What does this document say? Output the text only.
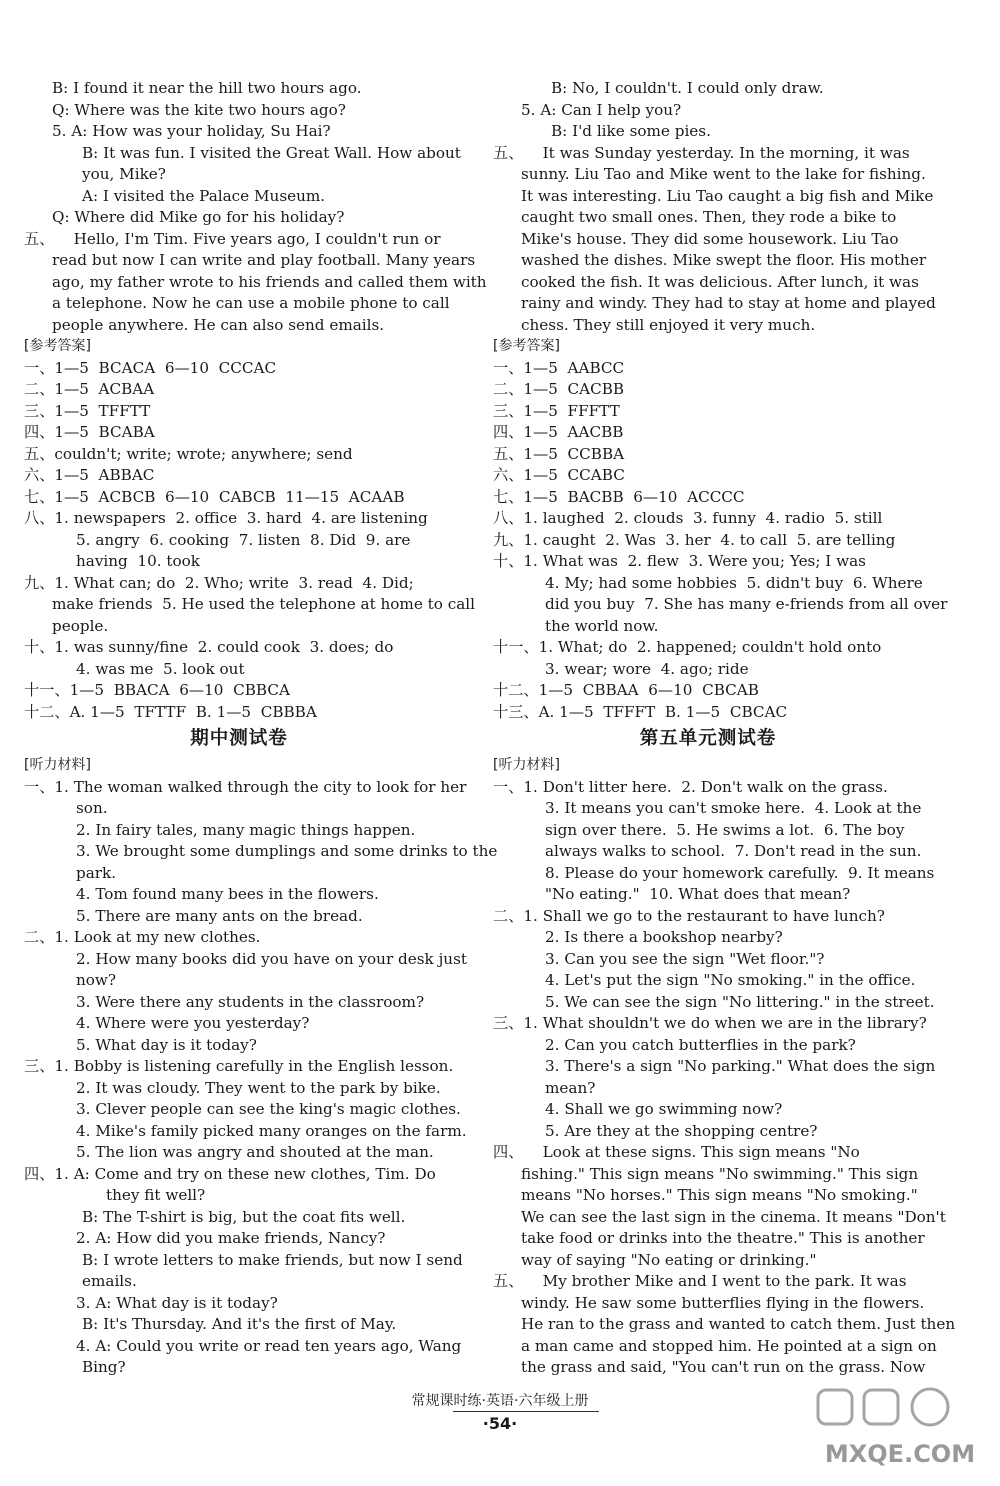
B: I found it near the hill two hours ago.
Q: Where was the kite two hours ago?
5. A: How was your holiday, Su Hai?
B: It was fun. I visited the Great Wall. How about
you, Mike?
A: I visited the Palace Museum.
Q: Where did Mike go for his holiday?
五、    Hello, I'm Tim. Five years ago, I couldn't run or
read but now I can write and play football. Many years
ago, my father wrote to his friends and called them with
a telephone. Now he can use a mobile phone to call
people anywhere. He can also send emails.
[参考答案]
一、1—5  BCACA  6—10  CCCAC
二、1—5  ACBAA
三、1—5  TFFTT
四、1—5  BCABA
五、couldn't; write; wrote; anywhere; send
六、1—5  ABBAC
七、1—5  ACBCB  6—10  CABCB  11—15  ACAAB
八、1. newspapers  2. office  3. hard  4. are listening
5. angry  6. cooking  7. listen  8. Did  9. are
having  10. took
九、1. What can; do  2. Who; write  3. read  4. Did;
make friends  5. He used the telephone at home to call
people.
十、1. was sunny/fine  2. could cook  3. does; do
4. was me  5. look out
十一、1—5  BBACA  6—10  CBBCA
十二、A. 1—5  TFTTF  B. 1—5  CBBBA
期中测试卷
[听力材料]
一、1. The woman walked through the city to look for her
son.
2. In fairy tales, many magic things happen.
3. We brought some dumplings and some drinks to the
park.
4. Tom found many bees in the flowers.
5. There are many ants on the bread.
二、1. Look at my new clothes.
2. How many books did you have on your desk just
now?
3. Were there any students in the classroom?
4. Where were you yesterday?
5. What day is it today?
三、1. Bobby is listening carefully in the English lesson.
2. It was cloudy. They went to the park by bike.
3. Clever people can see the king's magic clothes.
4. Mike's family picked many oranges on the farm.
5. The lion was angry and shouted at the man.
四、1. A: Come and try on these new clothes, Tim. Do
they fit well?
B: The T-shirt is big, but the coat fits well.
2. A: How did you make friends, Nancy?
B: I wrote letters to make friends, but now I send
emails.
3. A: What day is it today?
B: It's Thursday. And it's the first of May.
4. A: Could you write or read ten years ago, Wang
Bing?
B: No, I couldn't. I could only draw.
5. A: Can I help you?
B: I'd like some pies.
五、    It was Sunday yesterday. In the morning, it was
sunny. Liu Tao and Mike went to the lake for fishing.
It was interesting. Liu Tao caught a big fish and Mike
caught two small ones. Then, they rode a bike to
Mike's house. They did some housework. Liu Tao
washed the dishes. Mike swept the floor. His mother
cooked the fish. It was delicious. After lunch, it was
rainy and windy. They had to stay at home and played
chess. They still enjoyed it very much.
[参考答案]
一、1—5  AABCC
二、1—5  CACBB
三、1—5  FFFTT
四、1—5  AACBB
五、1—5  CCBBA
六、1—5  CCABC
七、1—5  BACBB  6—10  ACCCC
八、1. laughed  2. clouds  3. funny  4. radio  5. still
九、1. caught  2. Was  3. her  4. to call  5. are telling
十、1. What was  2. flew  3. Were you; Yes; I was
4. My; had some hobbies  5. didn't buy  6. Where
did you buy  7. She has many e-friends from all over
the world now.
十一、1. What; do  2. happened; couldn't hold onto
3. wear; wore  4. ago; ride
十二、1—5  CBBAA  6—10  CBCAB
十三、A. 1—5  TFFFT  B. 1—5  CBCAC
第五单元测试卷
[听力材料]
一、1. Don't litter here.  2. Don't walk on the grass.
3. It means you can't smoke here.  4. Look at the
sign over there.  5. He swims a lot.  6. The boy
always walks to school.  7. Don't read in the sun.
8. Please do your homework carefully.  9. It means
"No eating."  10. What does that mean?
二、1. Shall we go to the restaurant to have lunch?
2. Is there a bookshop nearby?
3. Can you see the sign "Wet floor."?
4. Let's put the sign "No smoking." in the office.
5. We can see the sign "No littering." in the street.
三、1. What shouldn't we do when we are in the library?
2. Can you catch butterflies in the park?
3. There's a sign "No parking." What does the sign
mean?
4. Shall we go swimming now?
5. Are they at the shopping centre?
四、    Look at these signs. This sign means "No
fishing." This sign means "No swimming." This sign
means "No horses." This sign means "No smoking."
We can see the last sign in the cinema. It means "Don't
take food or drinks into the theatre." This is another
way of saying "No eating or drinking."
五、    My brother Mike and I went to the park. It was
windy. He saw some butterflies flying in the flowers.
He ran to the grass and wanted to catch them. Just then
a man came and stopped him. He pointed at a sign on
the grass and said, "You can't run on the grass. Now
常规课时练·英语·六年级上册
·54·
MXQE.COM
